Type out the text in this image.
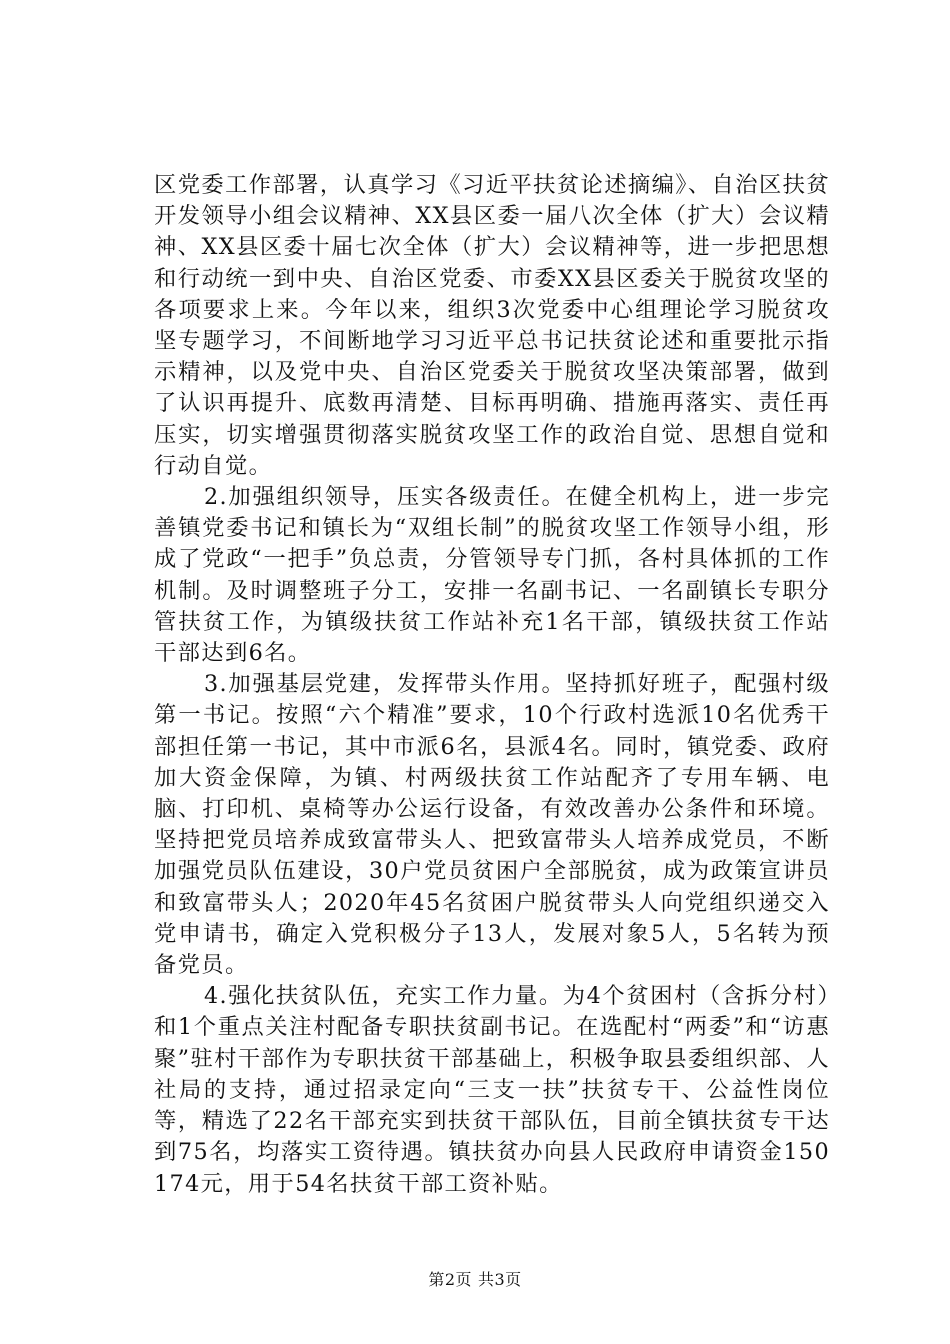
区党委工作部署，认真学习《习近平扶贫论述摘编》、自治区扶贫开发领导小组会议精神、XX县区委一届八次全体（扩大）会议精神、XX县区委十届七次全体（扩大）会议精神等，进一步把思想和行动统一到中央、自治区党委、市委XX县区委关于脱贫攻坚的各项要求上来。今年以来，组织3次党委中心组理论学习脱贫攻坚专题学习，不间断地学习习近平总书记扶贫论述和重要批示指示精神，以及党中央、自治区党委关于脱贫攻坚决策部署，做到了认识再提升、底数再清楚、目标再明确、措施再落实、责任再压实，切实增强贯彻落实脱贫攻坚工作的政治自觉、思想自觉和行动自觉。

2.加强组织领导，压实各级责任。在健全机构上，进一步完善镇党委书记和镇长为“双组长制”的脱贫攻坚工作领导小组，形成了党政“一把手”负总责，分管领导专门抓，各村具体抓的工作机制。及时调整班子分工，安排一名副书记、一名副镇长专职分管扶贫工作，为镇级扶贫工作站补充1名干部，镇级扶贫工作站干部达到6名。

3.加强基层党建，发挥带头作用。坚持抓好班子，配强村级第一书记。按照“六个精准”要求，10个行政村选派10名优秀干部担任第一书记，其中市派6名，县派4名。同时，镇党委、政府加大资金保障，为镇、村两级扶贫工作站配齐了专用车辆、电脑、打印机、桌椅等办公运行设备，有效改善办公条件和环境。坚持把党员培养成致富带头人、把致富带头人培养成党员，不断加强党员队伍建设，30户党员贫困户全部脱贫，成为政策宣讲员和致富带头人；2020年45名贫困户脱贫带头人向党组织递交入党申请书，确定入党积极分子13人，发展对象5人，5名转为预备党员。

4.强化扶贫队伍，充实工作力量。为4个贫困村（含拆分村）和1个重点关注村配备专职扶贫副书记。在选配村“两委”和“访惠聚”驻村干部作为专职扶贫干部基础上，积极争取县委组织部、人社局的支持，通过招录定向“三支一扶”扶贫专干、公益性岗位等，精选了22名干部充实到扶贫干部队伍，目前全镇扶贫专干达到75名，均落实工资待遇。镇扶贫办向县人民政府申请资金150174元，用于54名扶贫干部工资补贴。

第2页 共3页
